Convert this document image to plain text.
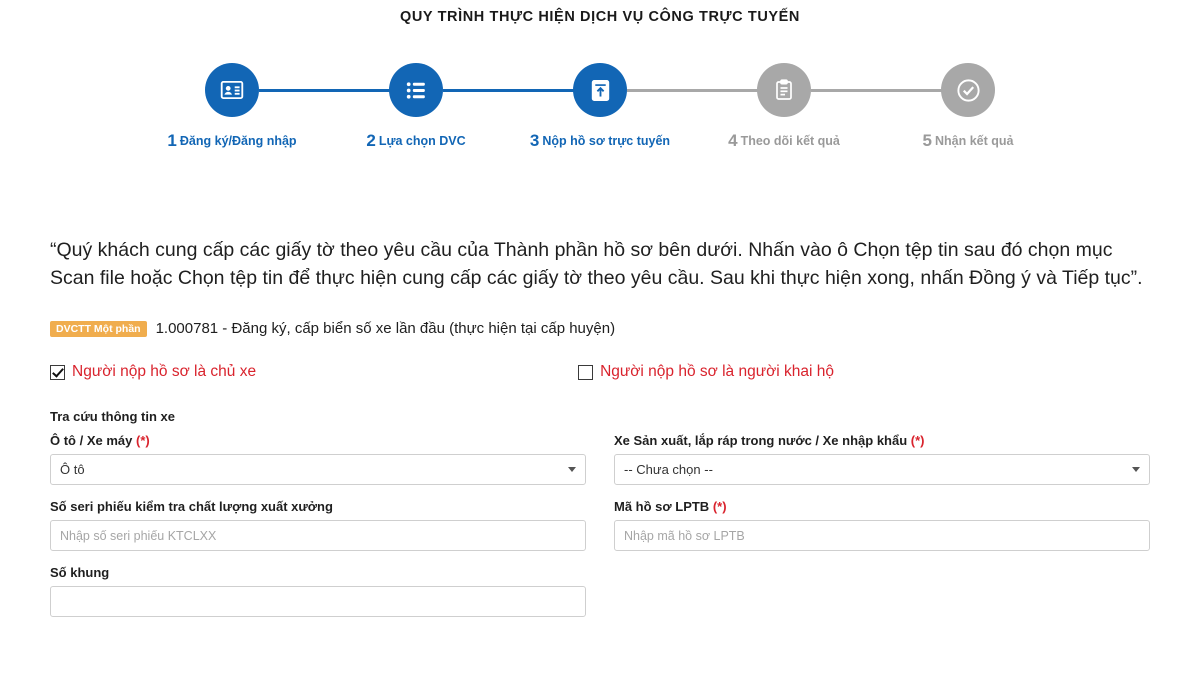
QUY TRÌNH THỰC HIỆN DỊCH VỤ CÔNG TRỰC TUYẾN
1 Đăng ký/Đăng nhập	2 Lựa chọn DVC	3 Nộp hồ sơ trực tuyến	4 Theo dõi kết quả	5 Nhận kết quả
“Quý khách cung cấp các giấy tờ theo yêu cầu của Thành phần hồ sơ bên dưới. Nhấn vào ô Chọn tệp tin sau đó chọn mục Scan file hoặc Chọn tệp tin để thực hiện cung cấp các giấy tờ theo yêu cầu. Sau khi thực hiện xong, nhấn Đồng ý và Tiếp tục”.
DVCTT Một phần	1.000781 - Đăng ký, cấp biển số xe lần đầu (thực hiện tại cấp huyện)
Người nộp hồ sơ là chủ xe	Người nộp hồ sơ là người khai hộ
Tra cứu thông tin xe
Ô tô / Xe máy (*)
Ô tô
Số seri phiếu kiểm tra chất lượng xuất xưởng
Nhập số seri phiếu KTCLXX
Số khung
Xe Sản xuất, lắp ráp trong nước / Xe nhập khẩu (*)
-- Chưa chọn --
Mã hồ sơ LPTB (*)
Nhập mã hồ sơ LPTB
